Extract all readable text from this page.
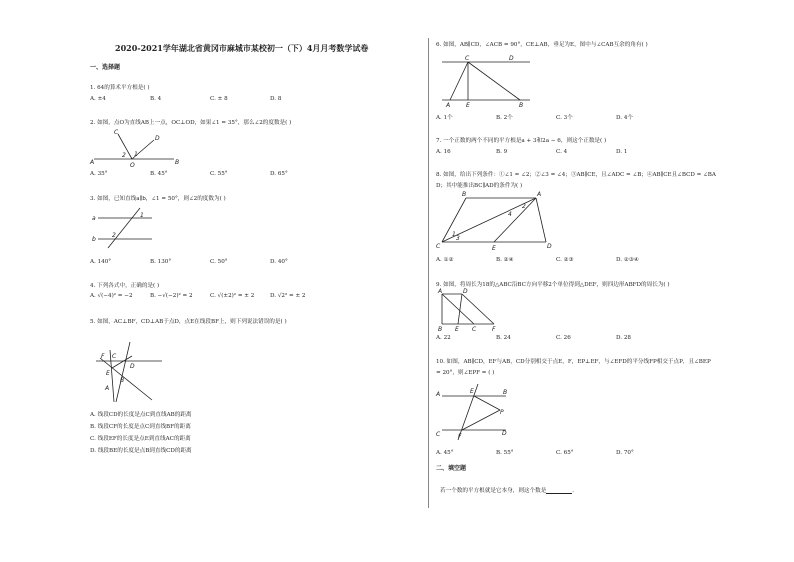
2020-2021学年湖北省黄冈市麻城市某校初一（下）4月月考数学试卷
一、选择题
1. 64的算术平方根是( )
A. ±4	B. 4	C. ± 8	D. 8
2. 如图，点O为直线AB上一点，OC⊥OD，如果∠1 = 35°，那么∠2的度数是( )
C
D
A	B
O
1
2
A. 35°	B. 45°	C. 55°	D. 65°
3. 如图，已知直线a∥b，∠1 = 50°，则∠2的度数为( )
a
b
1
2
A. 140°	B. 130°	C. 50°	D. 40°
4. 下列各式中，正确的是( )
A. √(−4)² = −2	B. −√(−2)² = 2	C. √(±2)² = ± 2	D. √2² = ± 2
5. 如图，AC⊥BF，CD⊥AB于点D，点E在线段BF上，则下列说法错误的是( )
F C
E
D
B
A
A. 线段CD的长度是点C到直线AB的距离
B. 线段CF的长度是点C到直线BF的距离
C. 线段EF的长度是点E到直线AC的距离
D. 线段BE的长度是点B到直线CD的距离
6. 如图，AB∥CD，∠ACB = 90°，CE⊥AB，垂足为E，图中与∠CAB互余的角有( )
C	D
A	E	B
A. 1个	B. 2个	C. 3个	D. 4个
7. 一个正数的两个不同的平方根是a + 3和2a − 6，则这个正数是( )
A. 16	B. 9	C. 4	D. 1
8. 如图，给出下列条件：①∠1 = ∠2；②∠3 = ∠4；③AB∥CE，且∠ADC = ∠B；④AB∥CE且∠BCD = ∠BA
D；其中能推出BC∥AD的条件为( )
B	A
C	D
E
1
2
3
4
A. ①②	B. ②④	C. ②③	D. ②③④
9. 如图，将周长为18的△ABC沿BC方向平移2个单位得到△DEF，则四边形ABFD的周长为( )
A	D
B E C	F
A. 22	B. 24	C. 26	D. 28
10. 如图，AB∥CD，EF与AB，CD分别相交于点E，F，EP⊥EF，与∠EFD的平分线FP相交于点P，且∠BEP
= 20°，则∠EPF = ( )
A	E	B
P
C	F	D
A. 45°	B. 55°	C. 65°	D. 70°
二、填空题
若一个数的平方根就是它本身，则这个数是	.
